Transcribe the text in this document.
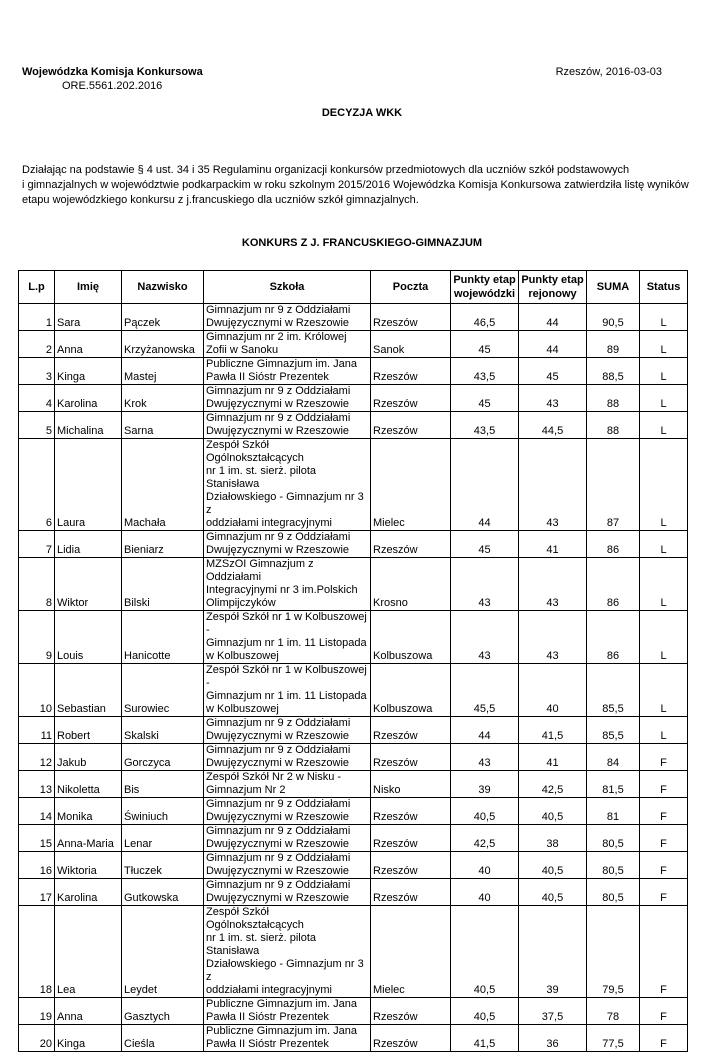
Wojewódzka Komisja Konkursowa
ORE.5561.202.2016
Rzeszów, 2016-03-03
DECYZJA WKK
Działając na podstawie § 4 ust. 34 i 35 Regulaminu organizacji konkursów przedmiotowych dla uczniów szkół podstawowych
i gimnazjalnych w województwie podkarpackim w roku szkolnym 2015/2016 Wojewódzka Komisja Konkursowa zatwierdziła listę wyników
etapu wojewódzkiego konkursu z j.francuskiego dla uczniów szkół gimnazjalnych.
KONKURS Z J. FRANCUSKIEGO-GIMNAZJUM
L.p	Imię	Nazwisko	Szkoła	Poczta	Punkty etap wojewódzki	Punkty etap rejonowy	SUMA	Status
1	Sara	Pączek	Gimnazjum nr 9 z Oddziałami
Dwujęzycznymi w Rzeszowie	Rzeszów	46,5	44	90,5	L
2	Anna	Krzyżanowska	Gimnazjum nr 2 im. Królowej
Zofii w Sanoku	Sanok	45	44	89	L
3	Kinga	Mastej	Publiczne Gimnazjum im. Jana
Pawła II Sióstr Prezentek	Rzeszów	43,5	45	88,5	L
4	Karolina	Krok	Gimnazjum nr 9 z Oddziałami
Dwujęzycznymi w Rzeszowie	Rzeszów	45	43	88	L
5	Michalina	Sarna	Gimnazjum nr 9 z Oddziałami
Dwujęzycznymi w Rzeszowie	Rzeszów	43,5	44,5	88	L
6	Laura	Machała	Zespół Szkół Ogólnokształcących
nr 1 im. st. sierż. pilota Stanisława
Działowskiego - Gimnazjum nr 3 z
oddziałami integracyjnymi	Mielec	44	43	87	L
7	Lidia	Bieniarz	Gimnazjum nr 9 z Oddziałami
Dwujęzycznymi w Rzeszowie	Rzeszów	45	41	86	L
8	Wiktor	Bilski	MZSzOI Gimnazjum z Oddziałami
Integracyjnymi nr 3 im.Polskich
Olimpijczyków	Krosno	43	43	86	L
9	Louis	Hanicotte	Zespół Szkół nr 1 w Kolbuszowej -
Gimnazjum nr 1 im. 11 Listopada
w Kolbuszowej	Kolbuszowa	43	43	86	L
10	Sebastian	Surowiec	Zespół Szkół nr 1 w Kolbuszowej -
Gimnazjum nr 1 im. 11 Listopada
w Kolbuszowej	Kolbuszowa	45,5	40	85,5	L
11	Robert	Skalski	Gimnazjum nr 9 z Oddziałami
Dwujęzycznymi w Rzeszowie	Rzeszów	44	41,5	85,5	L
12	Jakub	Gorczyca	Gimnazjum nr 9 z Oddziałami
Dwujęzycznymi w Rzeszowie	Rzeszów	43	41	84	F
13	Nikoletta	Bis	Zespół Szkół Nr 2 w Nisku -
Gimnazjum Nr 2	Nisko	39	42,5	81,5	F
14	Monika	Świniuch	Gimnazjum nr 9 z Oddziałami
Dwujęzycznymi w Rzeszowie	Rzeszów	40,5	40,5	81	F
15	Anna-Maria	Lenar	Gimnazjum nr 9 z Oddziałami
Dwujęzycznymi w Rzeszowie	Rzeszów	42,5	38	80,5	F
16	Wiktoria	Tłuczek	Gimnazjum nr 9 z Oddziałami
Dwujęzycznymi w Rzeszowie	Rzeszów	40	40,5	80,5	F
17	Karolina	Gutkowska	Gimnazjum nr 9 z Oddziałami
Dwujęzycznymi w Rzeszowie	Rzeszów	40	40,5	80,5	F
18	Lea	Leydet	Zespół Szkół Ogólnokształcących
nr 1 im. st. sierż. pilota Stanisława
Działowskiego - Gimnazjum nr 3 z
oddziałami integracyjnymi	Mielec	40,5	39	79,5	F
19	Anna	Gasztych	Publiczne Gimnazjum im. Jana
Pawła II Sióstr Prezentek	Rzeszów	40,5	37,5	78	F
20	Kinga	Cieśla	Publiczne Gimnazjum im. Jana
Pawła II Sióstr Prezentek	Rzeszów	41,5	36	77,5	F
